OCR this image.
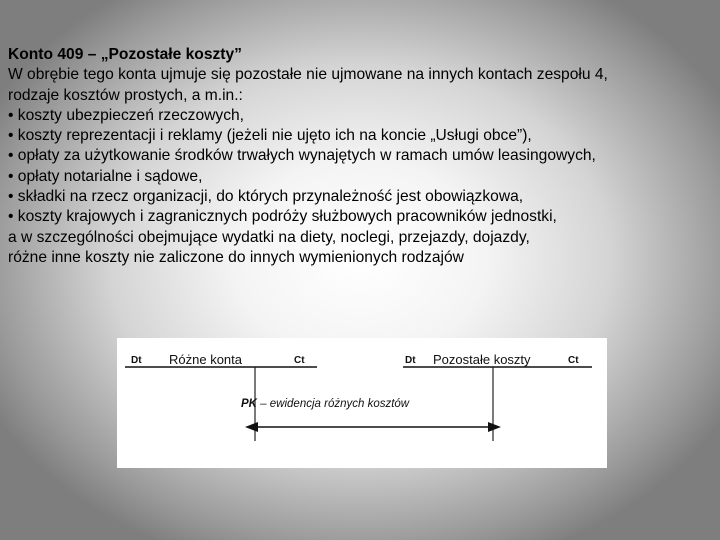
Konto 409 – „Pozostałe koszty”
W obrębie tego konta ujmuje się pozostałe nie ujmowane na innych kontach zespołu 4,
rodzaje kosztów prostych, a m.in.:
• koszty ubezpieczeń rzeczowych,
• koszty reprezentacji i reklamy (jeżeli nie ujęto ich na koncie „Usługi obce”),
• opłaty za użytkowanie środków trwałych wynajętych w ramach umów leasingowych,
• opłaty notarialne i sądowe,
• składki na rzecz organizacji, do których przynależność jest obowiązkowa,
• koszty krajowych i zagranicznych podróży służbowych pracowników jednostki,
a w szczególności obejmujące wydatki na diety, noclegi, przejazdy, dojazdy,
różne inne koszty nie zaliczone do innych wymienionych rodzajów
Dt Różne konta	Ct	Dt Pozostałe koszty	Ct
PK – ewidencja różnych kosztów
